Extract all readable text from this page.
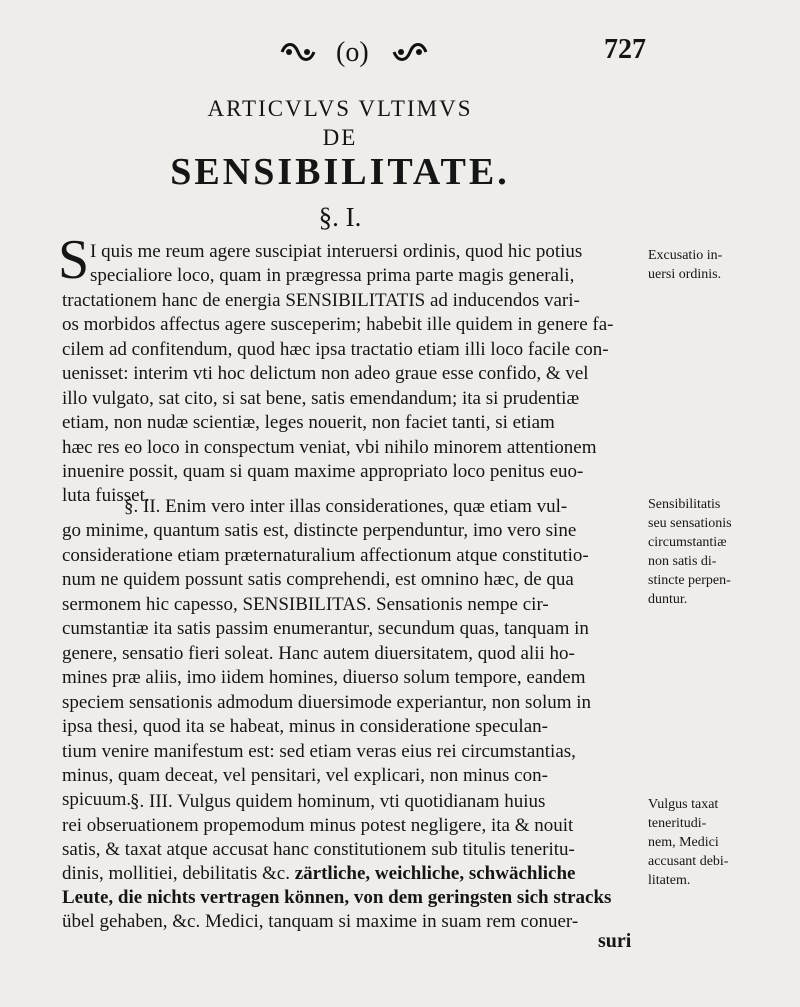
(o)	727
ARTICVLVS VLTIMVS
DE
SENSIBILITATE.
§. I.
S I quis me reum agere suscipiat interuersi ordinis, quod hic potius
specialiore loco, quam in prægressa prima parte magis generali,
tractationem hanc de energia SENSIBILITATIS ad inducendos vari-
os morbidos affectus agere susceperim; habebit ille quidem in genere fa-
cilem ad confitendum, quod hæc ipsa tractatio etiam illi loco facile con-
uenisset: interim vti hoc delictum non adeo graue esse confido, & vel
illo vulgato, sat cito, si sat bene, satis emendandum; ita si prudentiæ
etiam, non nudæ scientiæ, leges nouerit, non faciet tanti, si etiam
hæc res eo loco in conspectum veniat, vbi nihilo minorem attentionem
inuenire possit, quam si quam maxime appropriato loco penitus euo-
luta fuisset.
§. II. Enim vero inter illas considerationes, quæ etiam vul-
go minime, quantum satis est, distincte perpenduntur, imo vero sine
consideratione etiam præternaturalium affectionum atque constitutio-
num ne quidem possunt satis comprehendi, est omnino hæc, de qua
sermonem hic capesso, SENSIBILITAS. Sensationis nempe cir-
cumstantiæ ita satis passim enumerantur, secundum quas, tanquam in
genere, sensatio fieri soleat. Hanc autem diuersitatem, quod alii ho-
mines præ aliis, imo iidem homines, diuerso solum tempore, eandem
speciem sensationis admodum diuersimode experiantur, non solum in
ipsa thesi, quod ita se habeat, minus in consideratione speculan-
tium venire manifestum est: sed etiam veras eius rei circumstantias,
minus, quam deceat, vel pensitari, vel explicari, non minus con-
spicuum.
§. III. Vulgus quidem hominum, vti quotidianam huius
rei obseruationem propemodum minus potest negligere, ita & nouit
satis, & taxat atque accusat hanc constitutionem sub titulis teneritu-
dinis, mollitiei, debilitatis &c. zärtliche, weichliche, schwächliche
Leute, die nichts vertragen können, von dem geringsten sich stracks
übel gehaben, &c. Medici, tanquam si maxime in suam rem conuer-
suri
Excusatio in-
uersi ordinis.
Sensibilitatis
seu sensationis
circumstantiæ
non satis di-
stincte perpen-
duntur.
Vulgus taxat
teneritudi-
nem, Medici
accusant debi-
litatem.
